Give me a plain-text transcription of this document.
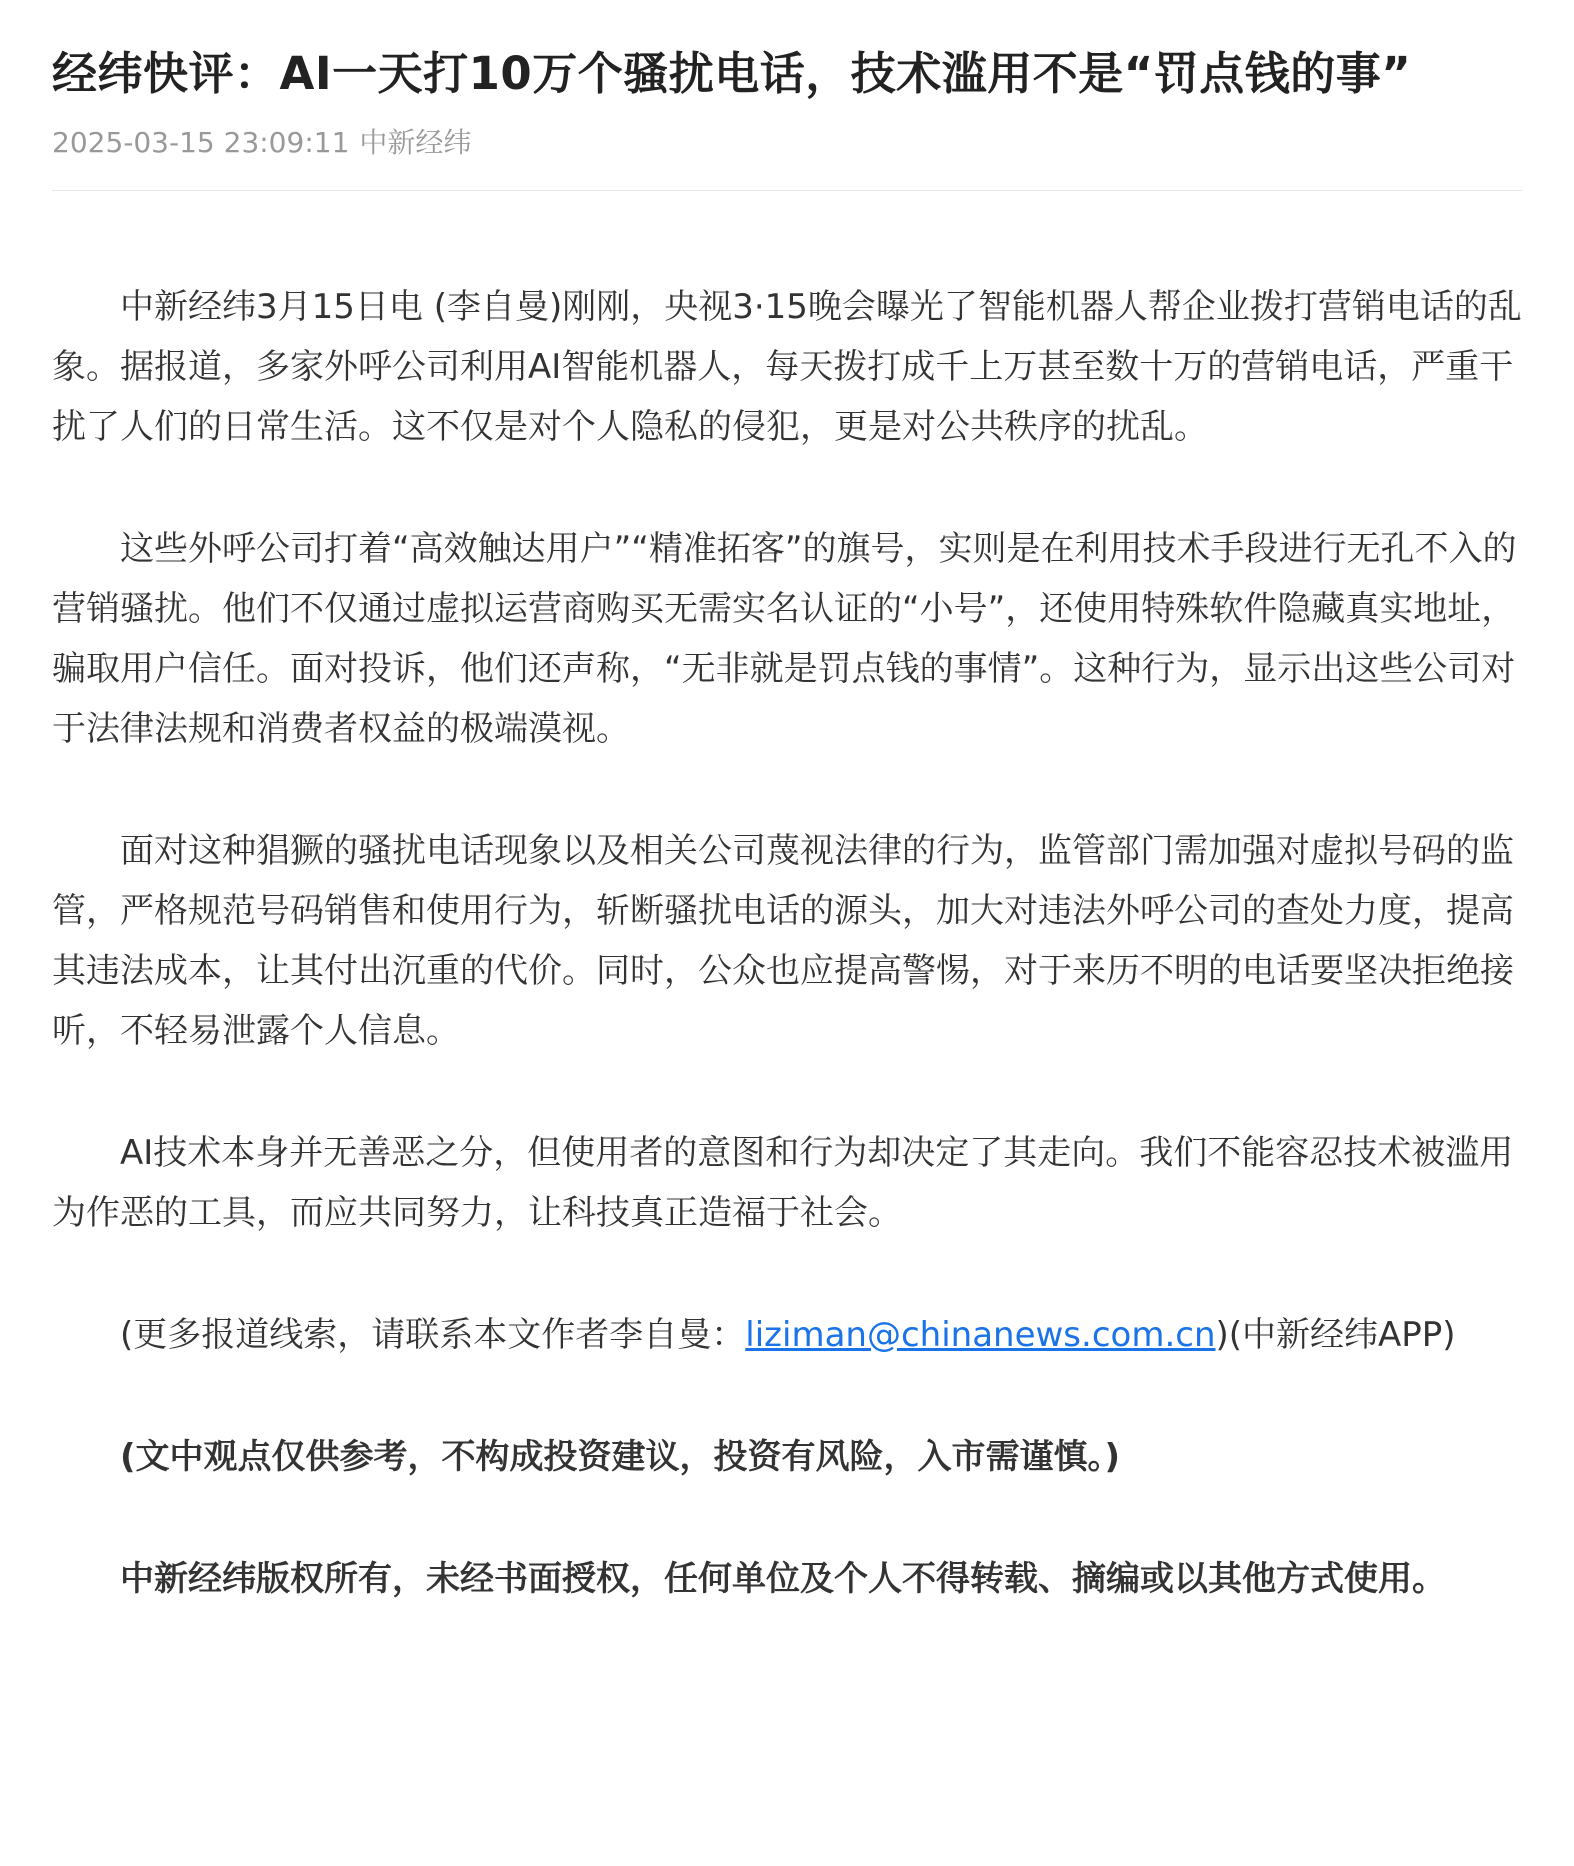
经纬快评：AI一天打10万个骚扰电话，技术滥用不是“罚点钱的事”
2025-03-15 23:09:11 中新经纬

中新经纬3月15日电 (李自曼)刚刚，央视3·15晚会曝光了智能机器人帮企业拨打营销电话的乱象。据报道，多家外呼公司利用AI智能机器人，每天拨打成千上万甚至数十万的营销电话，严重干扰了人们的日常生活。这不仅是对个人隐私的侵犯，更是对公共秩序的扰乱。

这些外呼公司打着“高效触达用户”“精准拓客”的旗号，实则是在利用技术手段进行无孔不入的营销骚扰。他们不仅通过虚拟运营商购买无需实名认证的“小号”，还使用特殊软件隐藏真实地址，骗取用户信任。面对投诉，他们还声称，“无非就是罚点钱的事情”。这种行为，显示出这些公司对于法律法规和消费者权益的极端漠视。

面对这种猖獗的骚扰电话现象以及相关公司蔑视法律的行为，监管部门需加强对虚拟号码的监管，严格规范号码销售和使用行为，斩断骚扰电话的源头，加大对违法外呼公司的查处力度，提高其违法成本，让其付出沉重的代价。同时，公众也应提高警惕，对于来历不明的电话要坚决拒绝接听，不轻易泄露个人信息。

AI技术本身并无善恶之分，但使用者的意图和行为却决定了其走向。我们不能容忍技术被滥用为作恶的工具，而应共同努力，让科技真正造福于社会。

(更多报道线索，请联系本文作者李自曼：liziman@chinanews.com.cn)(中新经纬APP)

(文中观点仅供参考，不构成投资建议，投资有风险，入市需谨慎。)

中新经纬版权所有，未经书面授权，任何单位及个人不得转载、摘编或以其他方式使用。
